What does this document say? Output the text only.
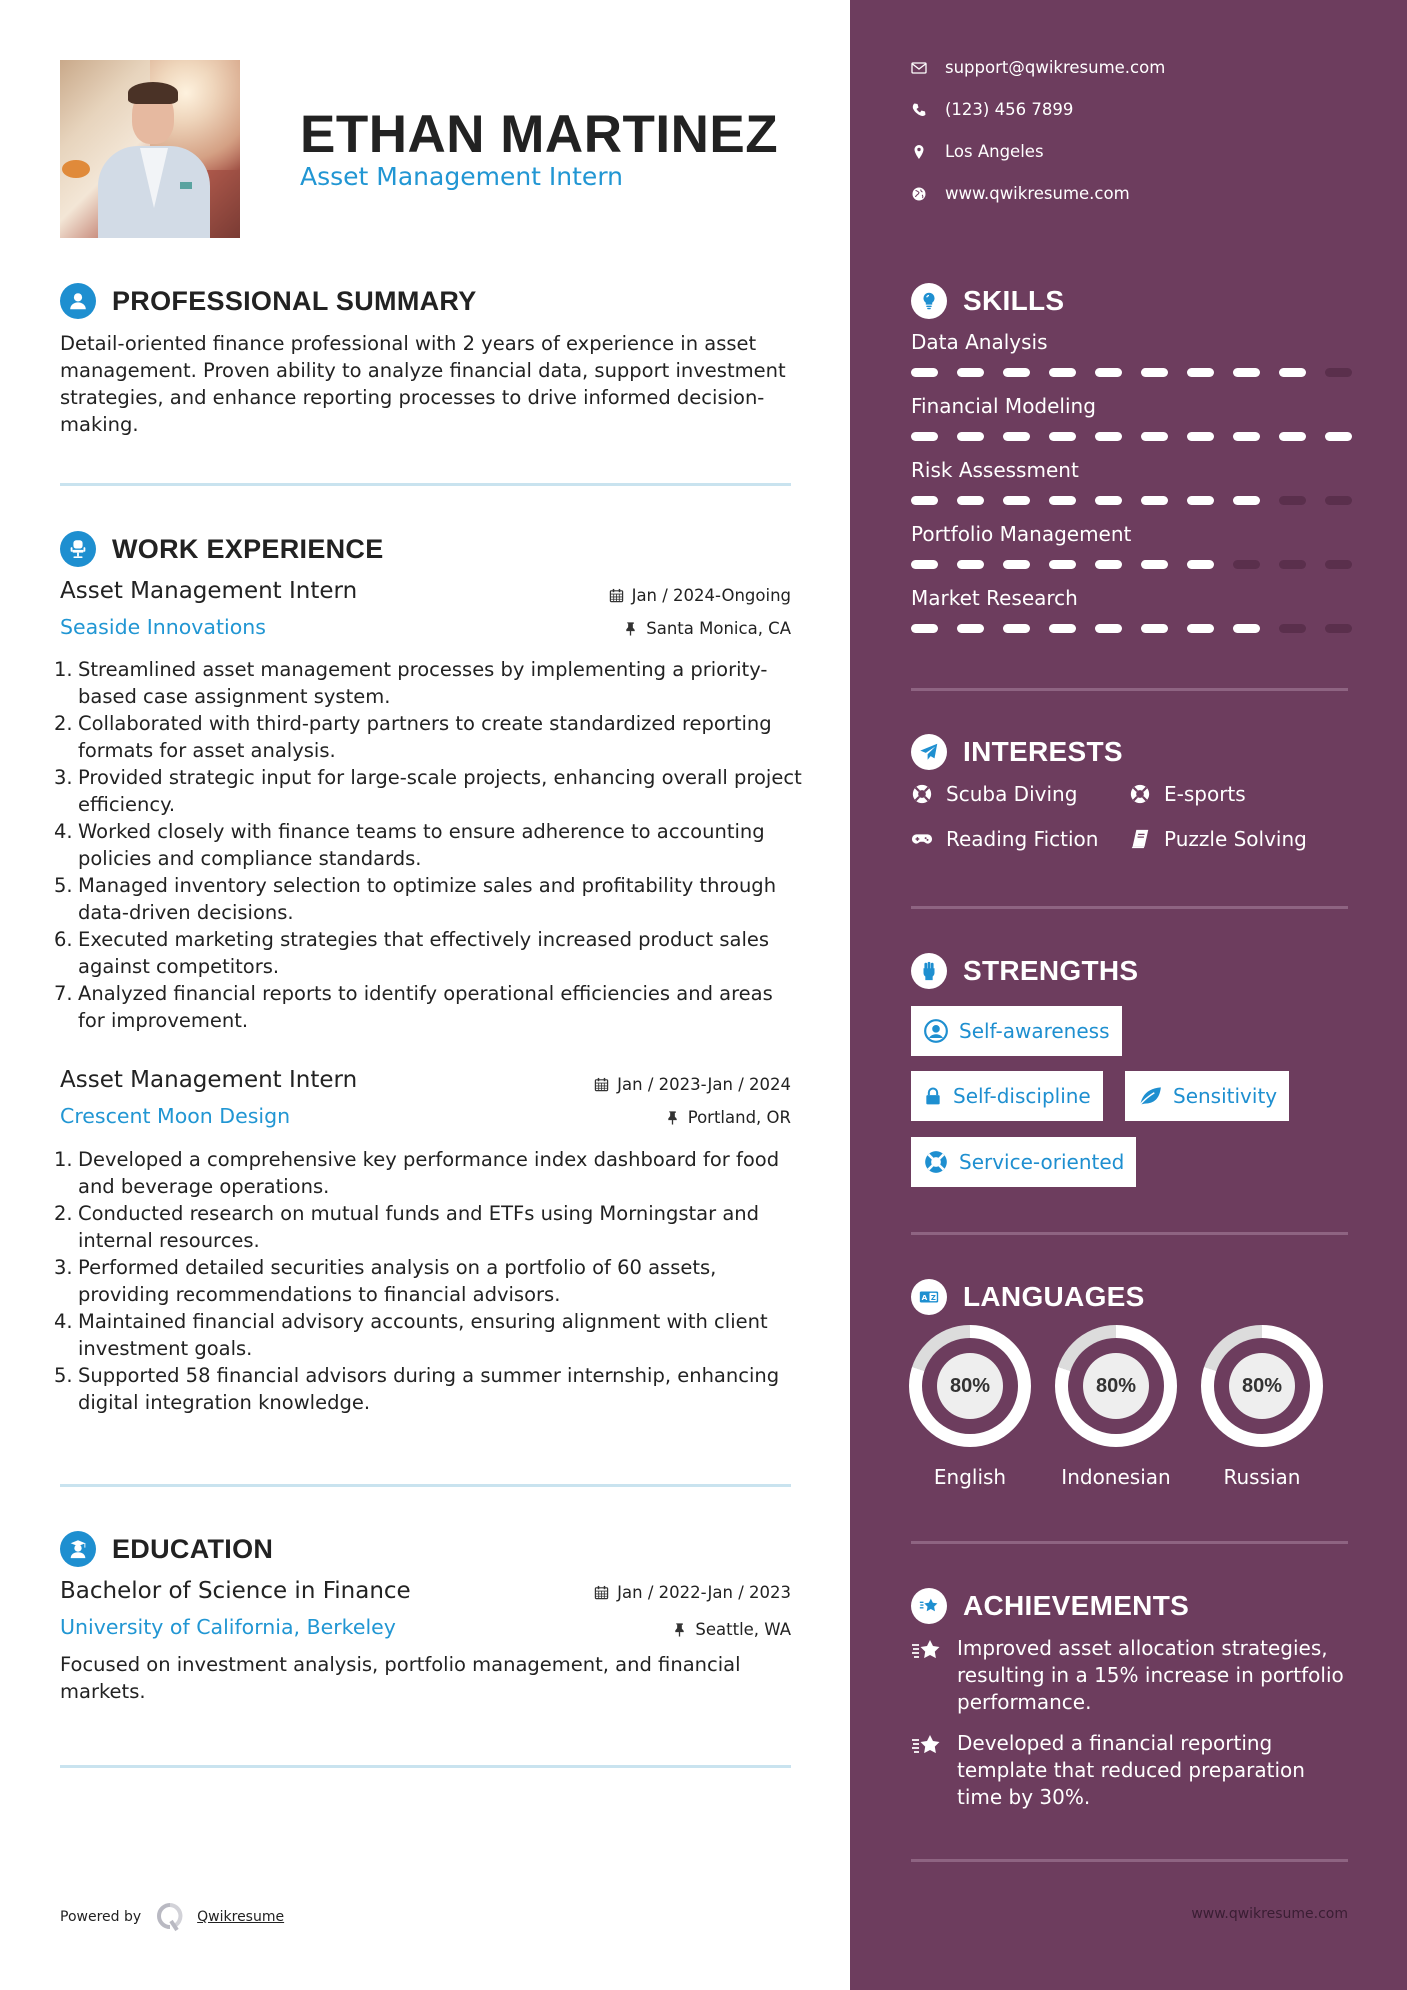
ETHAN MARTINEZ
Asset Management Intern
PROFESSIONAL SUMMARY

Detail-oriented finance professional with 2 years of experience in asset management. Proven ability to analyze financial data, support investment strategies, and enhance reporting processes to drive informed decision-making.

WORK EXPERIENCE
Asset Management Intern	Jan / 2024-Ongoing
Seaside Innovations	Santa Monica, CA
1. Streamlined asset management processes by implementing a priority-based case assignment system.
2. Collaborated with third-party partners to create standardized reporting formats for asset analysis.
3. Provided strategic input for large-scale projects, enhancing overall project efficiency.
4. Worked closely with finance teams to ensure adherence to accounting policies and compliance standards.
5. Managed inventory selection to optimize sales and profitability through data-driven decisions.
6. Executed marketing strategies that effectively increased product sales against competitors.
7. Analyzed financial reports to identify operational efficiencies and areas for improvement.
Asset Management Intern	Jan / 2023-Jan / 2024
Crescent Moon Design	Portland, OR
1. Developed a comprehensive key performance index dashboard for food and beverage operations.
2. Conducted research on mutual funds and ETFs using Morningstar and internal resources.
3. Performed detailed securities analysis on a portfolio of 60 assets, providing recommendations to financial advisors.
4. Maintained financial advisory accounts, ensuring alignment with client investment goals.
5. Supported 58 financial advisors during a summer internship, enhancing digital integration knowledge.
EDUCATION
Bachelor of Science in Finance	Jan / 2022-Jan / 2023
University of California, Berkeley	Seattle, WA

Focused on investment analysis, portfolio management, and financial markets.

Powered by	Qwikresume
support@qwikresume.com
(123) 456 7899
Los Angeles
www.qwikresume.com
SKILLS
Data Analysis
Financial Modeling
Risk Assessment
Portfolio Management
Market Research
INTERESTS
Scuba Diving	E-sports
Reading Fiction	Puzzle Solving
STRENGTHS
Self-awareness
Self-discipline	Sensitivity
Service-oriented
A Z LANGUAGES
80%
English
80%
Indonesian
80%
Russian
ACHIEVEMENTS
Improved asset allocation strategies, resulting in a 15% increase in portfolio performance.
Developed a financial reporting template that reduced preparation time by 30%.
www.qwikresume.com
